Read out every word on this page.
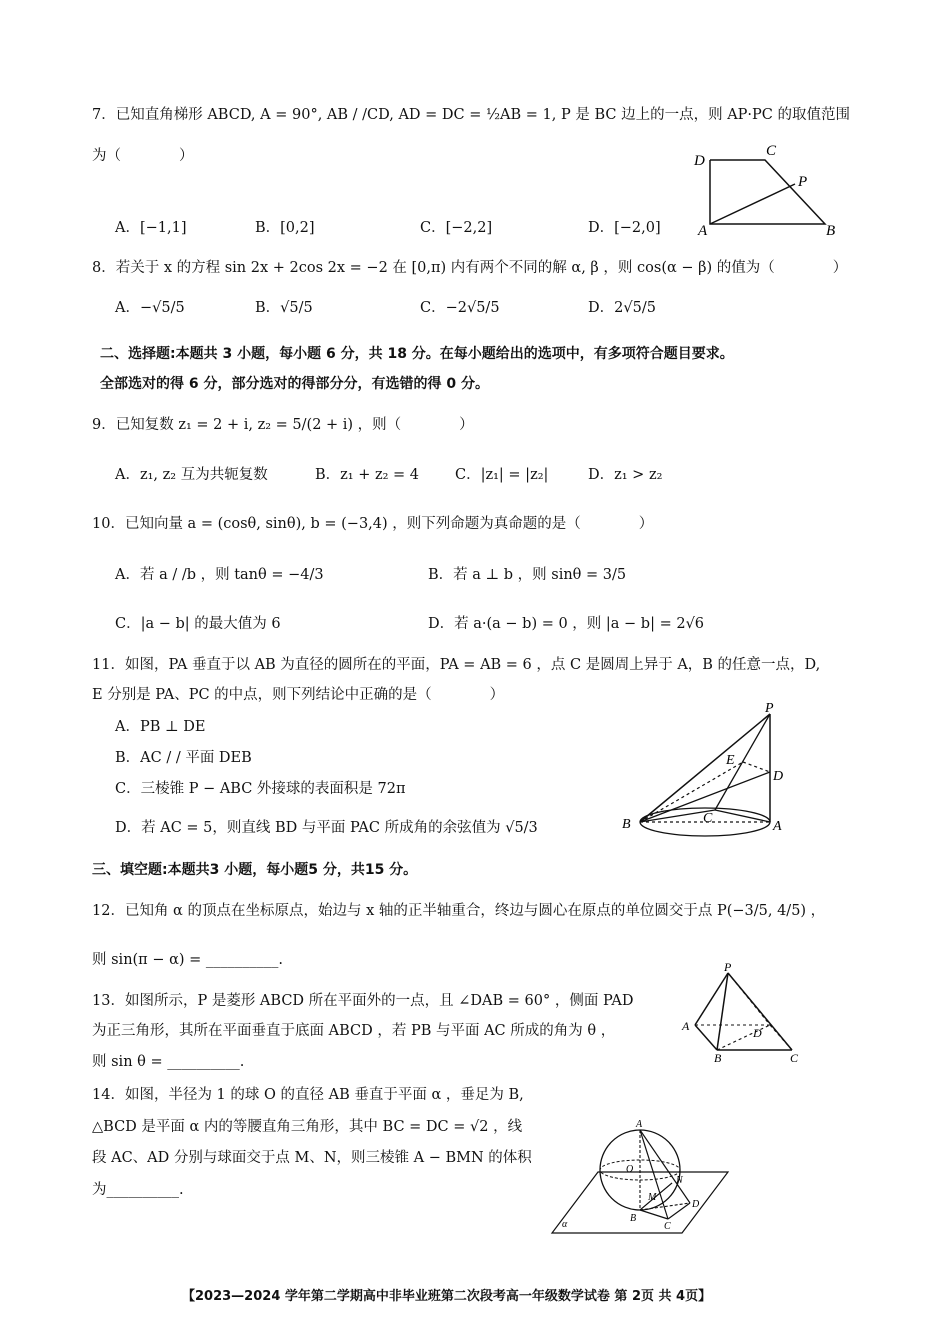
7．已知直角梯形 ABCD, A = 90°, AB / /CD, AD = DC = ½AB = 1, P 是 BC 边上的一点，则 AP·PC 的取值范围
为（　　　　）
A．[−1,1]	B．[0,2]	C．[−2,2]	D．[−2,0]
D
C
P
A	B
8．若关于 x 的方程 sin 2x + 2cos 2x = −2 在 [0,π) 内有两个不同的解 α, β ，则 cos(α − β) 的值为（　　　　）
A．−√5/5	B．√5/5	C．−2√5/5	D．2√5/5
二、选择题:本题共 3 小题，每小题 6 分，共 18 分。在每小题给出的选项中，有多项符合题目要求。
全部选对的得 6 分，部分选对的得部分分，有选错的得 0 分。
9．已知复数 z₁ = 2 + i, z₂ = 5/(2 + i) ，则（　　　　）
A．z₁, z₂ 互为共轭复数	B．z₁ + z₂ = 4 C．|z₁| = |z₂|	D．z₁ > z₂
10．已知向量 a = (cosθ, sinθ), b = (−3,4) ，则下列命题为真命题的是（　　　　）
A．若 a / /b ，则 tanθ = −4/3	B．若 a ⊥ b ，则 sinθ = 3/5
C．|a − b| 的最大值为 6	D．若 a·(a − b) = 0 ，则 |a − b| = 2√6
11．如图，PA 垂直于以 AB 为直径的圆所在的平面，PA = AB = 6 ，点 C 是圆周上异于 A，B 的任意一点，D,
E 分别是 PA、PC 的中点，则下列结论中正确的是（　　　　）
A．PB ⊥ DE
B．AC / / 平面 DEB
C．三棱锥 P − ABC 外接球的表面积是 72π
D．若 AC = 5，则直线 BD 与平面 PAC 所成角的余弦值为 √5/3
P
E
D
C
B	A
三、填空题:本题共3 小题，每小题5 分，共15 分。
12．已知角 α 的顶点在坐标原点，始边与 x 轴的正半轴重合，终边与圆心在原点的单位圆交于点 P(−3/5, 4/5) ，
则 sin(π − α) = __________.
13．如图所示，P 是菱形 ABCD 所在平面外的一点，且 ∠DAB = 60° ，侧面 PAD
为正三角形，其所在平面垂直于底面 ABCD ，若 PB 与平面 AC 所成的角为 θ ，
则 sin θ = __________.
P
A	D
B	C
14．如图，半径为 1 的球 O 的直径 AB 垂直于平面 α ，垂足为 B,
△BCD 是平面 α 内的等腰直角三角形，其中 BC = DC = √2 ，线
段 AC、AD 分别与球面交于点 M、N，则三棱锥 A − BMN 的体积
为__________.
A
O
M
N
D
B
C
α
【2023—2024 学年第二学期高中非毕业班第二次段考高一年级数学试卷 第 2页 共 4页】
